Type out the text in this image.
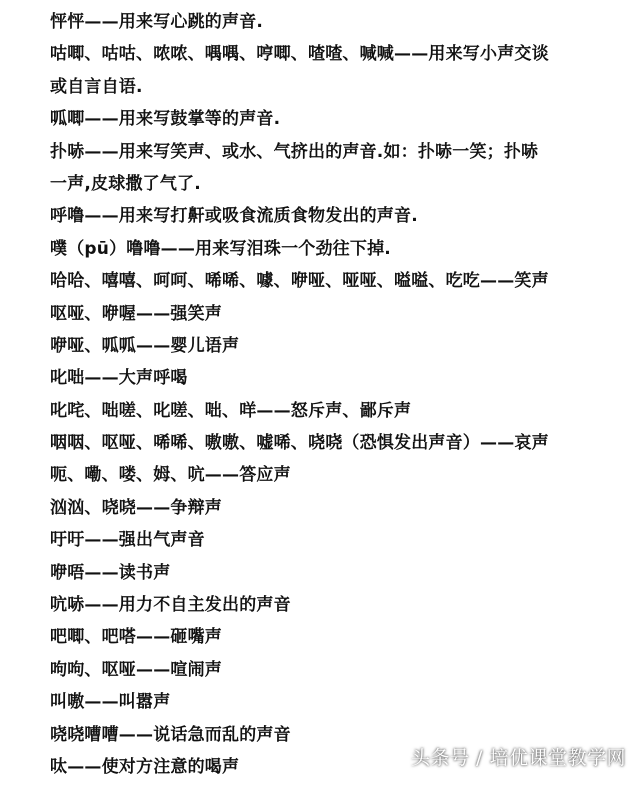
怦怦——用来写心跳的声音.
咕唧、咕咕、哝哝、喁喁、哼唧、喳喳、喊喊——用来写小声交谈
或自言自语.
呱唧——用来写鼓掌等的声音.
扑哧——用来写笑声、或水、气挤出的声音.如：扑哧一笑；扑哧
一声,皮球撒了气了.
呼噜——用来写打鼾或吸食流质食物发出的声音.
噗（pū）噜噜——用来写泪珠一个劲往下掉.
哈哈、嘻嘻、呵呵、唏唏、噱、咿哑、哑哑、嗌嗌、吃吃——笑声
呕哑、咿喔——强笑声
咿哑、呱呱——婴儿语声
叱咄——大声呼喝
叱咤、咄嗟、叱嗟、咄、咩——怒斥声、鄙斥声
咽咽、呕哑、唏唏、嗷嗷、嘘唏、哓哓（恐惧发出声音）——哀声
呃、嘞、喽、姆、吭——答应声
汹汹、哓哓——争辩声
吁吁——强出气声音
咿唔——读书声
吭哧——用力不自主发出的声音
吧唧、吧嗒——砸嘴声
呴呴、呕哑——喧闹声
叫嗷——叫嚣声
哓哓嘈嘈——说话急而乱的声音
呔——使对方注意的喝声	头条号 / 培优课堂教学网
